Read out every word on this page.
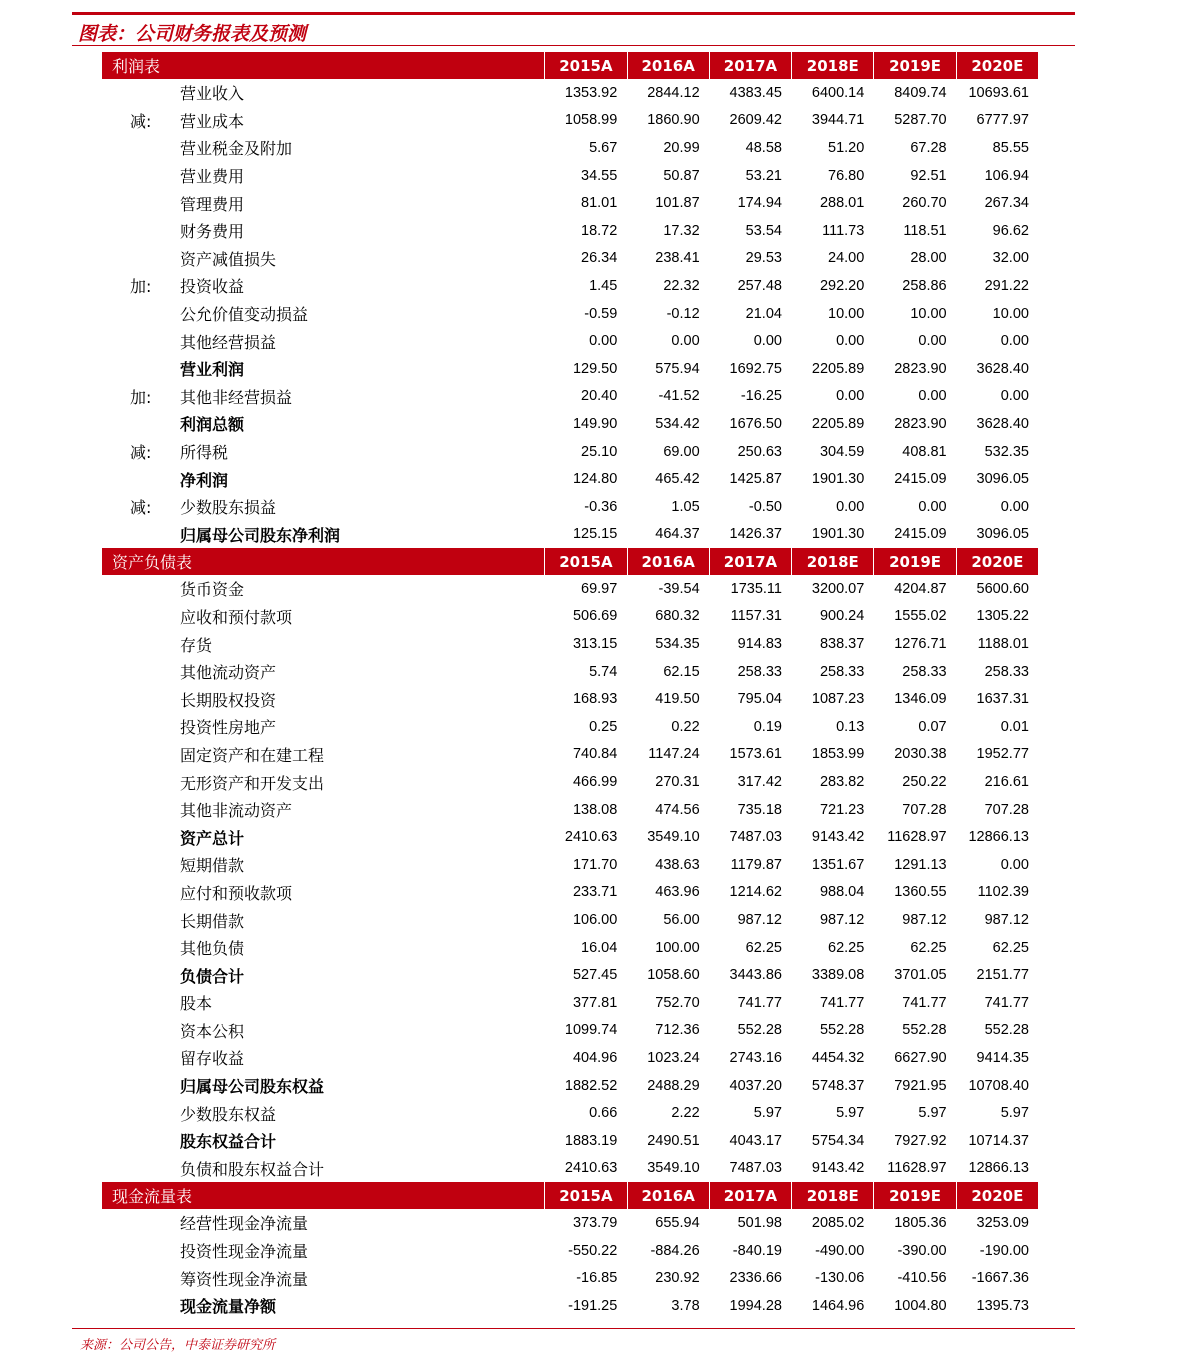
图表：公司财务报表及预测
利润表	2015A	2016A	2017A	2018E	2019E	2020E
营业收入	1353.92	2844.12	4383.45	6400.14	8409.74	10693.61
减:	营业成本	1058.99	1860.90	2609.42	3944.71	5287.70	6777.97
营业税金及附加	5.67	20.99	48.58	51.20	67.28	85.55
营业费用	34.55	50.87	53.21	76.80	92.51	106.94
管理费用	81.01	101.87	174.94	288.01	260.70	267.34
财务费用	18.72	17.32	53.54	111.73	118.51	96.62
资产减值损失	26.34	238.41	29.53	24.00	28.00	32.00
加:	投资收益	1.45	22.32	257.48	292.20	258.86	291.22
公允价值变动损益	-0.59	-0.12	21.04	10.00	10.00	10.00
其他经营损益	0.00	0.00	0.00	0.00	0.00	0.00
营业利润	129.50	575.94	1692.75	2205.89	2823.90	3628.40
加:	其他非经营损益	20.40	-41.52	-16.25	0.00	0.00	0.00
利润总额	149.90	534.42	1676.50	2205.89	2823.90	3628.40
减:	所得税	25.10	69.00	250.63	304.59	408.81	532.35
净利润	124.80	465.42	1425.87	1901.30	2415.09	3096.05
减:	少数股东损益	-0.36	1.05	-0.50	0.00	0.00	0.00
归属母公司股东净利润	125.15	464.37	1426.37	1901.30	2415.09	3096.05
资产负债表	2015A	2016A	2017A	2018E	2019E	2020E
货币资金	69.97	-39.54	1735.11	3200.07	4204.87	5600.60
应收和预付款项	506.69	680.32	1157.31	900.24	1555.02	1305.22
存货	313.15	534.35	914.83	838.37	1276.71	1188.01
其他流动资产	5.74	62.15	258.33	258.33	258.33	258.33
长期股权投资	168.93	419.50	795.04	1087.23	1346.09	1637.31
投资性房地产	0.25	0.22	0.19	0.13	0.07	0.01
固定资产和在建工程	740.84	1147.24	1573.61	1853.99	2030.38	1952.77
无形资产和开发支出	466.99	270.31	317.42	283.82	250.22	216.61
其他非流动资产	138.08	474.56	735.18	721.23	707.28	707.28
资产总计	2410.63	3549.10	7487.03	9143.42	11628.97	12866.13
短期借款	171.70	438.63	1179.87	1351.67	1291.13	0.00
应付和预收款项	233.71	463.96	1214.62	988.04	1360.55	1102.39
长期借款	106.00	56.00	987.12	987.12	987.12	987.12
其他负债	16.04	100.00	62.25	62.25	62.25	62.25
负债合计	527.45	1058.60	3443.86	3389.08	3701.05	2151.77
股本	377.81	752.70	741.77	741.77	741.77	741.77
资本公积	1099.74	712.36	552.28	552.28	552.28	552.28
留存收益	404.96	1023.24	2743.16	4454.32	6627.90	9414.35
归属母公司股东权益	1882.52	2488.29	4037.20	5748.37	7921.95	10708.40
少数股东权益	0.66	2.22	5.97	5.97	5.97	5.97
股东权益合计	1883.19	2490.51	4043.17	5754.34	7927.92	10714.37
负债和股东权益合计	2410.63	3549.10	7487.03	9143.42	11628.97	12866.13
现金流量表	2015A	2016A	2017A	2018E	2019E	2020E
经营性现金净流量	373.79	655.94	501.98	2085.02	1805.36	3253.09
投资性现金净流量	-550.22	-884.26	-840.19	-490.00	-390.00	-190.00
筹资性现金净流量	-16.85	230.92	2336.66	-130.06	-410.56	-1667.36
现金流量净额	-191.25	3.78	1994.28	1464.96	1004.80	1395.73
来源：公司公告，中泰证券研究所
